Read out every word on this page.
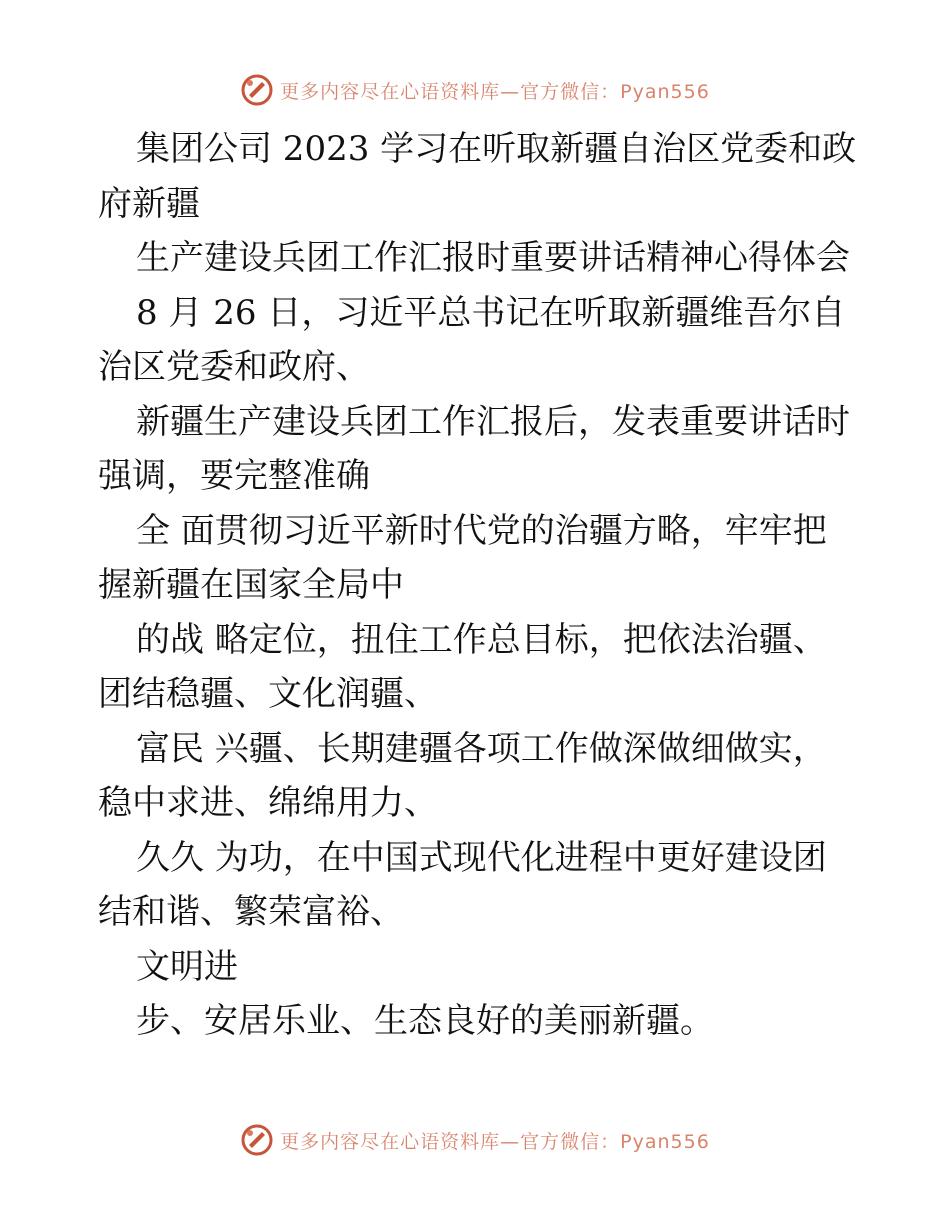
更多内容尽在心语资料库—官方微信：Pyan556
集团公司 2023 学习在听取新疆自治区党委和政
府新疆
生产建设兵团工作汇报时重要讲话精神心得体会
8 月 26 日，习近平总书记在听取新疆维吾尔自
治区党委和政府、
新疆生产建设兵团工作汇报后，发表重要讲话时
强调，要完整准确
全 面贯彻习近平新时代党的治疆方略，牢牢把
握新疆在国家全局中
的战 略定位，扭住工作总目标，把依法治疆、
团结稳疆、文化润疆、
富民 兴疆、长期建疆各项工作做深做细做实，
稳中求进、绵绵用力、
久久 为功，在中国式现代化进程中更好建设团
结和谐、繁荣富裕、
文明进
步、安居乐业、生态良好的美丽新疆。
更多内容尽在心语资料库—官方微信：Pyan556
